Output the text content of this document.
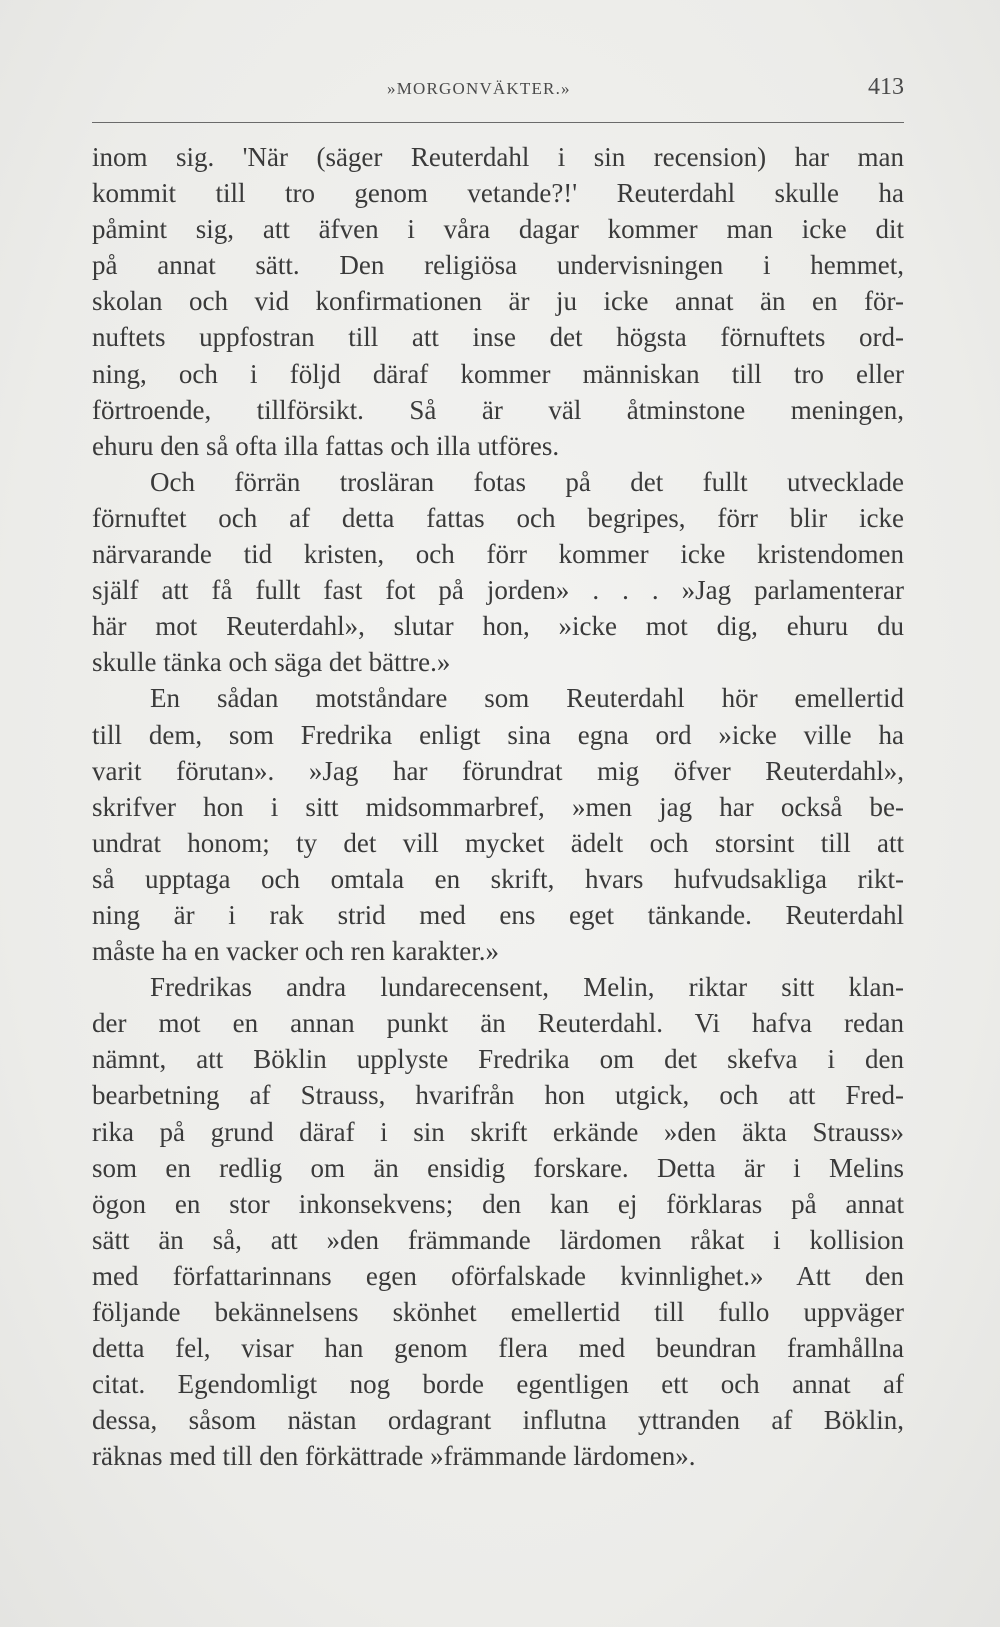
»MORGONVÄKTER.»	413
inom sig. 'När (säger Reuterdahl i sin recension) har man
kommit till tro genom vetande?!' Reuterdahl skulle ha
påmint sig, att äfven i våra dagar kommer man icke dit
på annat sätt. Den religiösa undervisningen i hemmet,
skolan och vid konfirmationen är ju icke annat än en för-
nuftets uppfostran till att inse det högsta förnuftets ord-
ning, och i följd däraf kommer människan till tro eller
förtroende, tillförsikt. Så är väl åtminstone meningen,
ehuru den så ofta illa fattas och illa utföres.
Och förrän trosläran fotas på det fullt utvecklade
förnuftet och af detta fattas och begripes, förr blir icke
närvarande tid kristen, och förr kommer icke kristendomen
själf att få fullt fast fot på jorden» . . . »Jag parlamenterar
här mot Reuterdahl», slutar hon, »icke mot dig, ehuru du
skulle tänka och säga det bättre.»
En sådan motståndare som Reuterdahl hör emellertid
till dem, som Fredrika enligt sina egna ord »icke ville ha
varit förutan». »Jag har förundrat mig öfver Reuterdahl»,
skrifver hon i sitt midsommarbref, »men jag har också be-
undrat honom; ty det vill mycket ädelt och storsint till att
så upptaga och omtala en skrift, hvars hufvudsakliga rikt-
ning är i rak strid med ens eget tänkande. Reuterdahl
måste ha en vacker och ren karakter.»
Fredrikas andra lundarecensent, Melin, riktar sitt klan-
der mot en annan punkt än Reuterdahl. Vi hafva redan
nämnt, att Böklin upplyste Fredrika om det skefva i den
bearbetning af Strauss, hvarifrån hon utgick, och att Fred-
rika på grund däraf i sin skrift erkände »den äkta Strauss»
som en redlig om än ensidig forskare. Detta är i Melins
ögon en stor inkonsekvens; den kan ej förklaras på annat
sätt än så, att »den främmande lärdomen råkat i kollision
med författarinnans egen oförfalskade kvinnlighet.» Att den
följande bekännelsens skönhet emellertid till fullo uppväger
detta fel, visar han genom flera med beundran framhållna
citat. Egendomligt nog borde egentligen ett och annat af
dessa, såsom nästan ordagrant influtna yttranden af Böklin,
räknas med till den förkättrade »främmande lärdomen».
